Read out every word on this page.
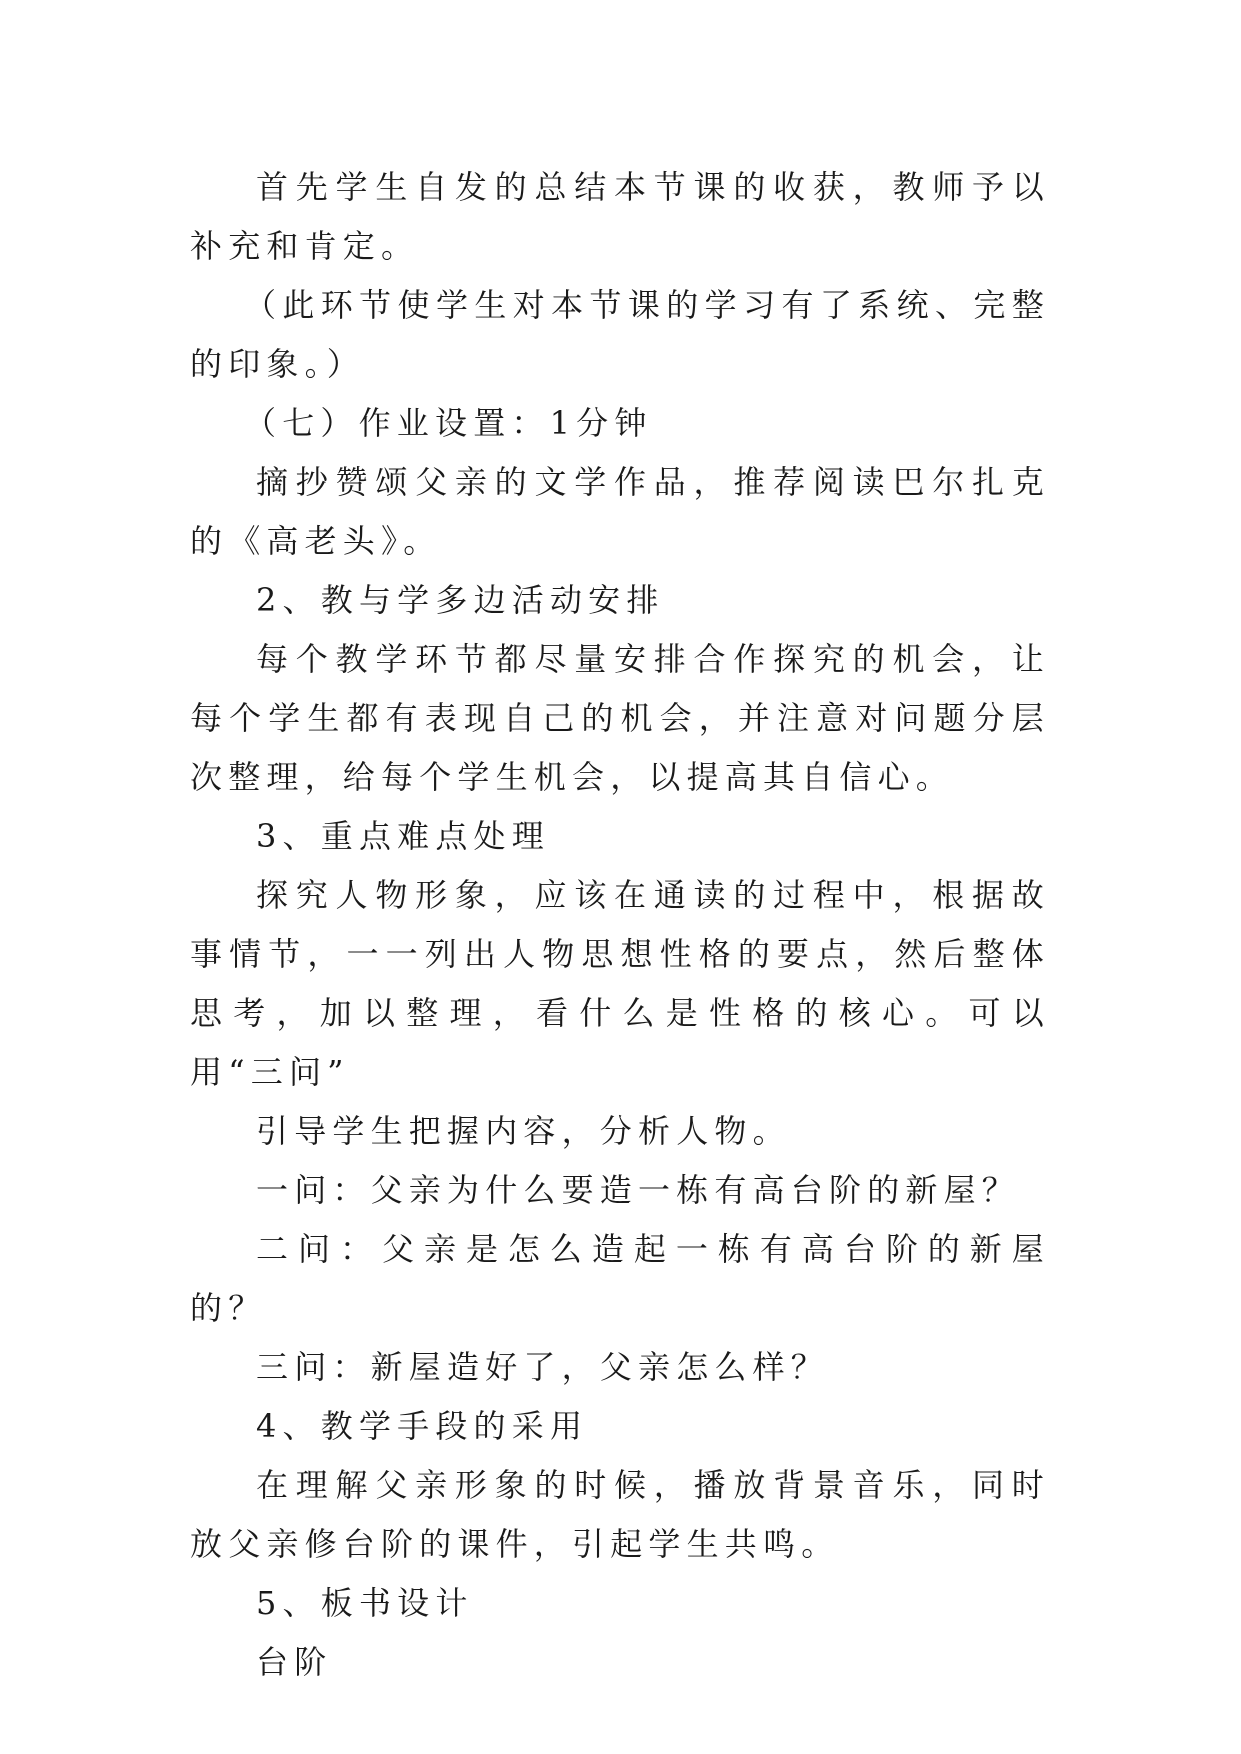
首先学生自发的总结本节课的收获，教师予以补充和肯定。

（此环节使学生对本节课的学习有了系统、完整的印象。）

（七）作业设置：1分钟

摘抄赞颂父亲的文学作品，推荐阅读巴尔扎克的《高老头》。

2、教与学多边活动安排

每个教学环节都尽量安排合作探究的机会，让每个学生都有表现自己的机会，并注意对问题分层次整理，给每个学生机会，以提高其自信心。

3、重点难点处理

探究人物形象，应该在通读的过程中，根据故事情节，一一列出人物思想性格的要点，然后整体思考，加以整理，看什么是性格的核心。可以用“三问”

引导学生把握内容，分析人物。

一问：父亲为什么要造一栋有高台阶的新屋？

二问：父亲是怎么造起一栋有高台阶的新屋的？

三问：新屋造好了，父亲怎么样？

4、教学手段的采用

在理解父亲形象的时候，播放背景音乐，同时放父亲修台阶的课件，引起学生共鸣。

5、板书设计

台阶
